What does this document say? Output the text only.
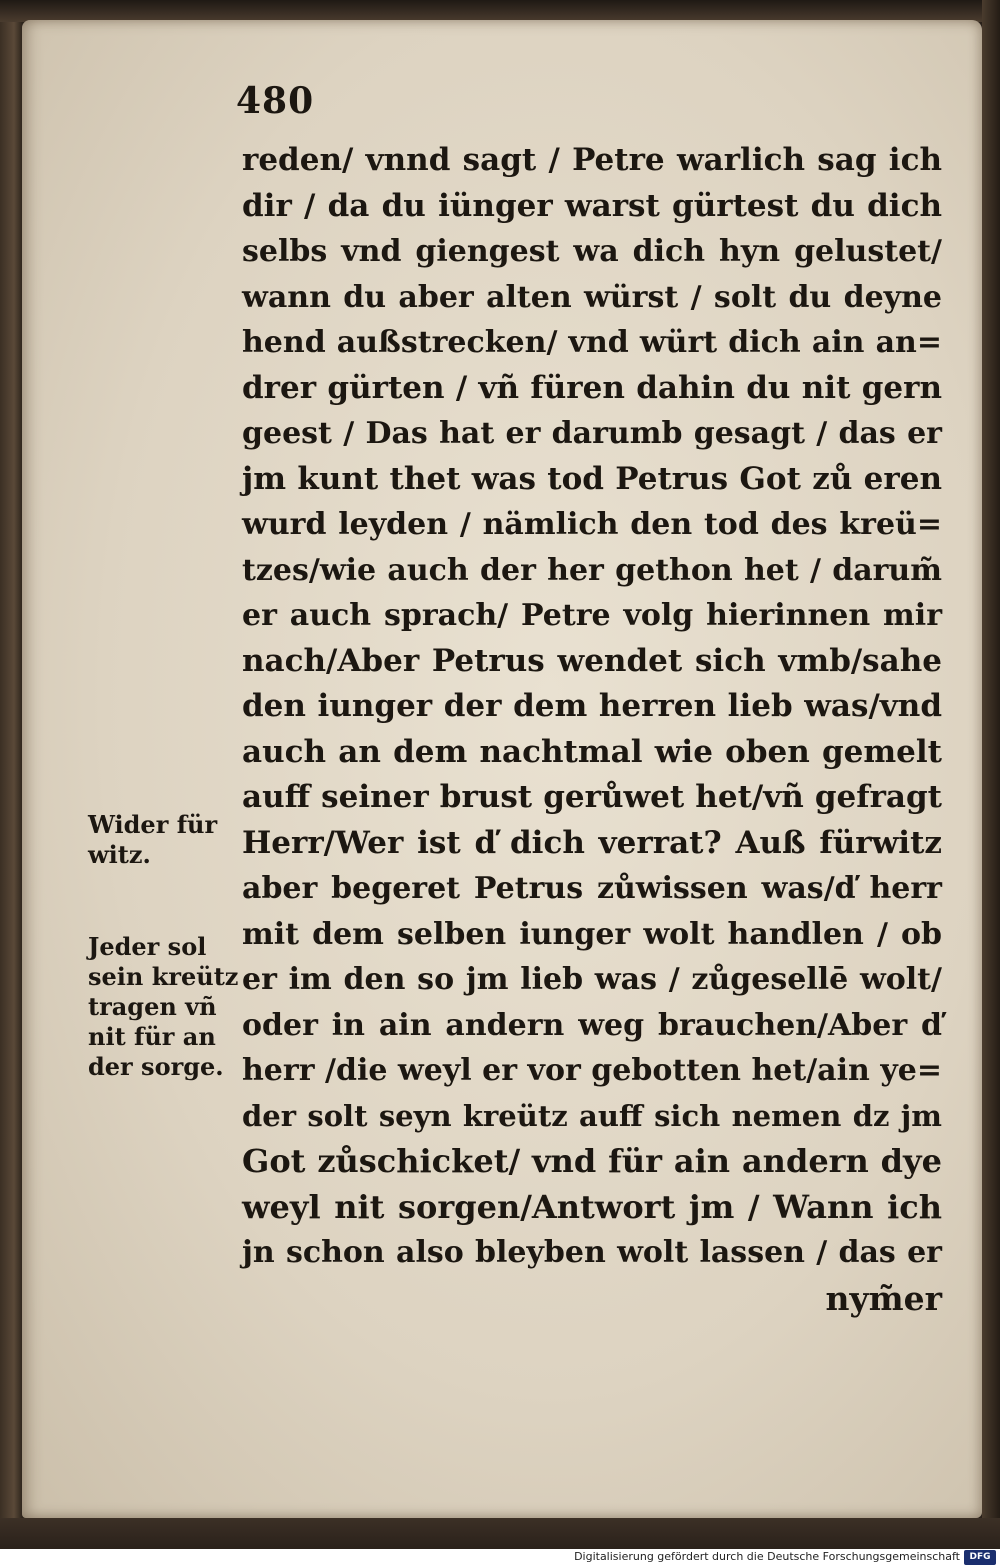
480
reden/ vnnd sagt / Petre warlich sag ich
dir / da du iünger warst gürtest du dich
selbs vnd giengest wa dich hyn gelustet/
wann du aber alten würst / solt du deyne
hend außstrecken/ vnd würt dich ain an=
drer gürten / vñ füren dahin du nit gern
geest / Das hat er darumb gesagt / das er
jm kunt thet was tod Petrus Got zů eren
wurd leyden / nämlich den tod des kreü=
tzes/wie auch der her gethon het / darum̃
er auch sprach/ Petre volg hierinnen mir
nach/Aber Petrus wendet sich vmb/sahe
den iunger der dem herren lieb was/vnd
auch an dem nachtmal wie oben gemelt
auff seiner brust gerůwet het/vñ gefragt
Herr/Wer ist ď dich verrat? Auß fürwitz
aber begeret Petrus zůwissen was/ď herr
mit dem selben iunger wolt handlen / ob
er im den so jm lieb was / zůgesellē wolt/
oder in ain andern weg brauchen/Aber ď
herr /die weyl er vor gebotten het/ain ye=
der solt seyn kreütz auff sich nemen dz jm
Got zůschicket/ vnd für ain andern dye
weyl nit sorgen/Antwort jm / Wann ich
jn schon also bleyben wolt lassen / das er
nym̃er
Wider für
witz.
Jeder sol
sein kreütz
tragen vñ
nit für an
der sorge.
Digitalisierung gefördert durch die Deutsche Forschungsgemeinschaft	DFG
